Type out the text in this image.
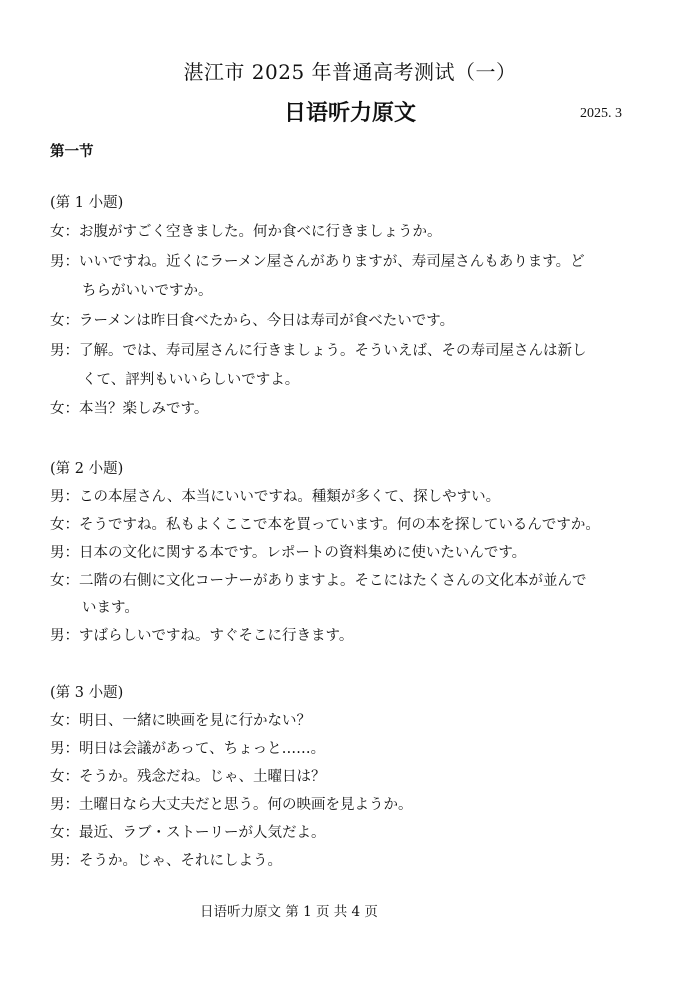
湛江市 2025 年普通高考测试（一）
日语听力原文	2025. 3
第一节
(第 1 小题)
女：お腹がすごく空きました。何か食べに行きましょうか。
男：いいですね。近くにラーメン屋さんがありますが、寿司屋さんもあります。ど
ちらがいいですか。
女：ラーメンは昨日食べたから、今日は寿司が食べたいです。
男：了解。では、寿司屋さんに行きましょう。そういえば、その寿司屋さんは新し
くて、評判もいいらしいですよ。
女：本当？楽しみです。
(第 2 小题)
男：この本屋さん、本当にいいですね。種類が多くて、探しやすい。
女：そうですね。私もよくここで本を買っています。何の本を探しているんですか。
男：日本の文化に関する本です。レポートの資料集めに使いたいんです。
女：二階の右側に文化コーナーがありますよ。そこにはたくさんの文化本が並んで
います。
男：すばらしいですね。すぐそこに行きます。
(第 3 小题)
女：明日、一緒に映画を見に行かない？
男：明日は会議があって、ちょっと……。
女：そうか。残念だね。じゃ、土曜日は？
男：土曜日なら大丈夫だと思う。何の映画を見ようか。
女：最近、ラブ・ストーリーが人気だよ。
男：そうか。じゃ、それにしよう。
日语听力原文 第 1 页 共 4 页
